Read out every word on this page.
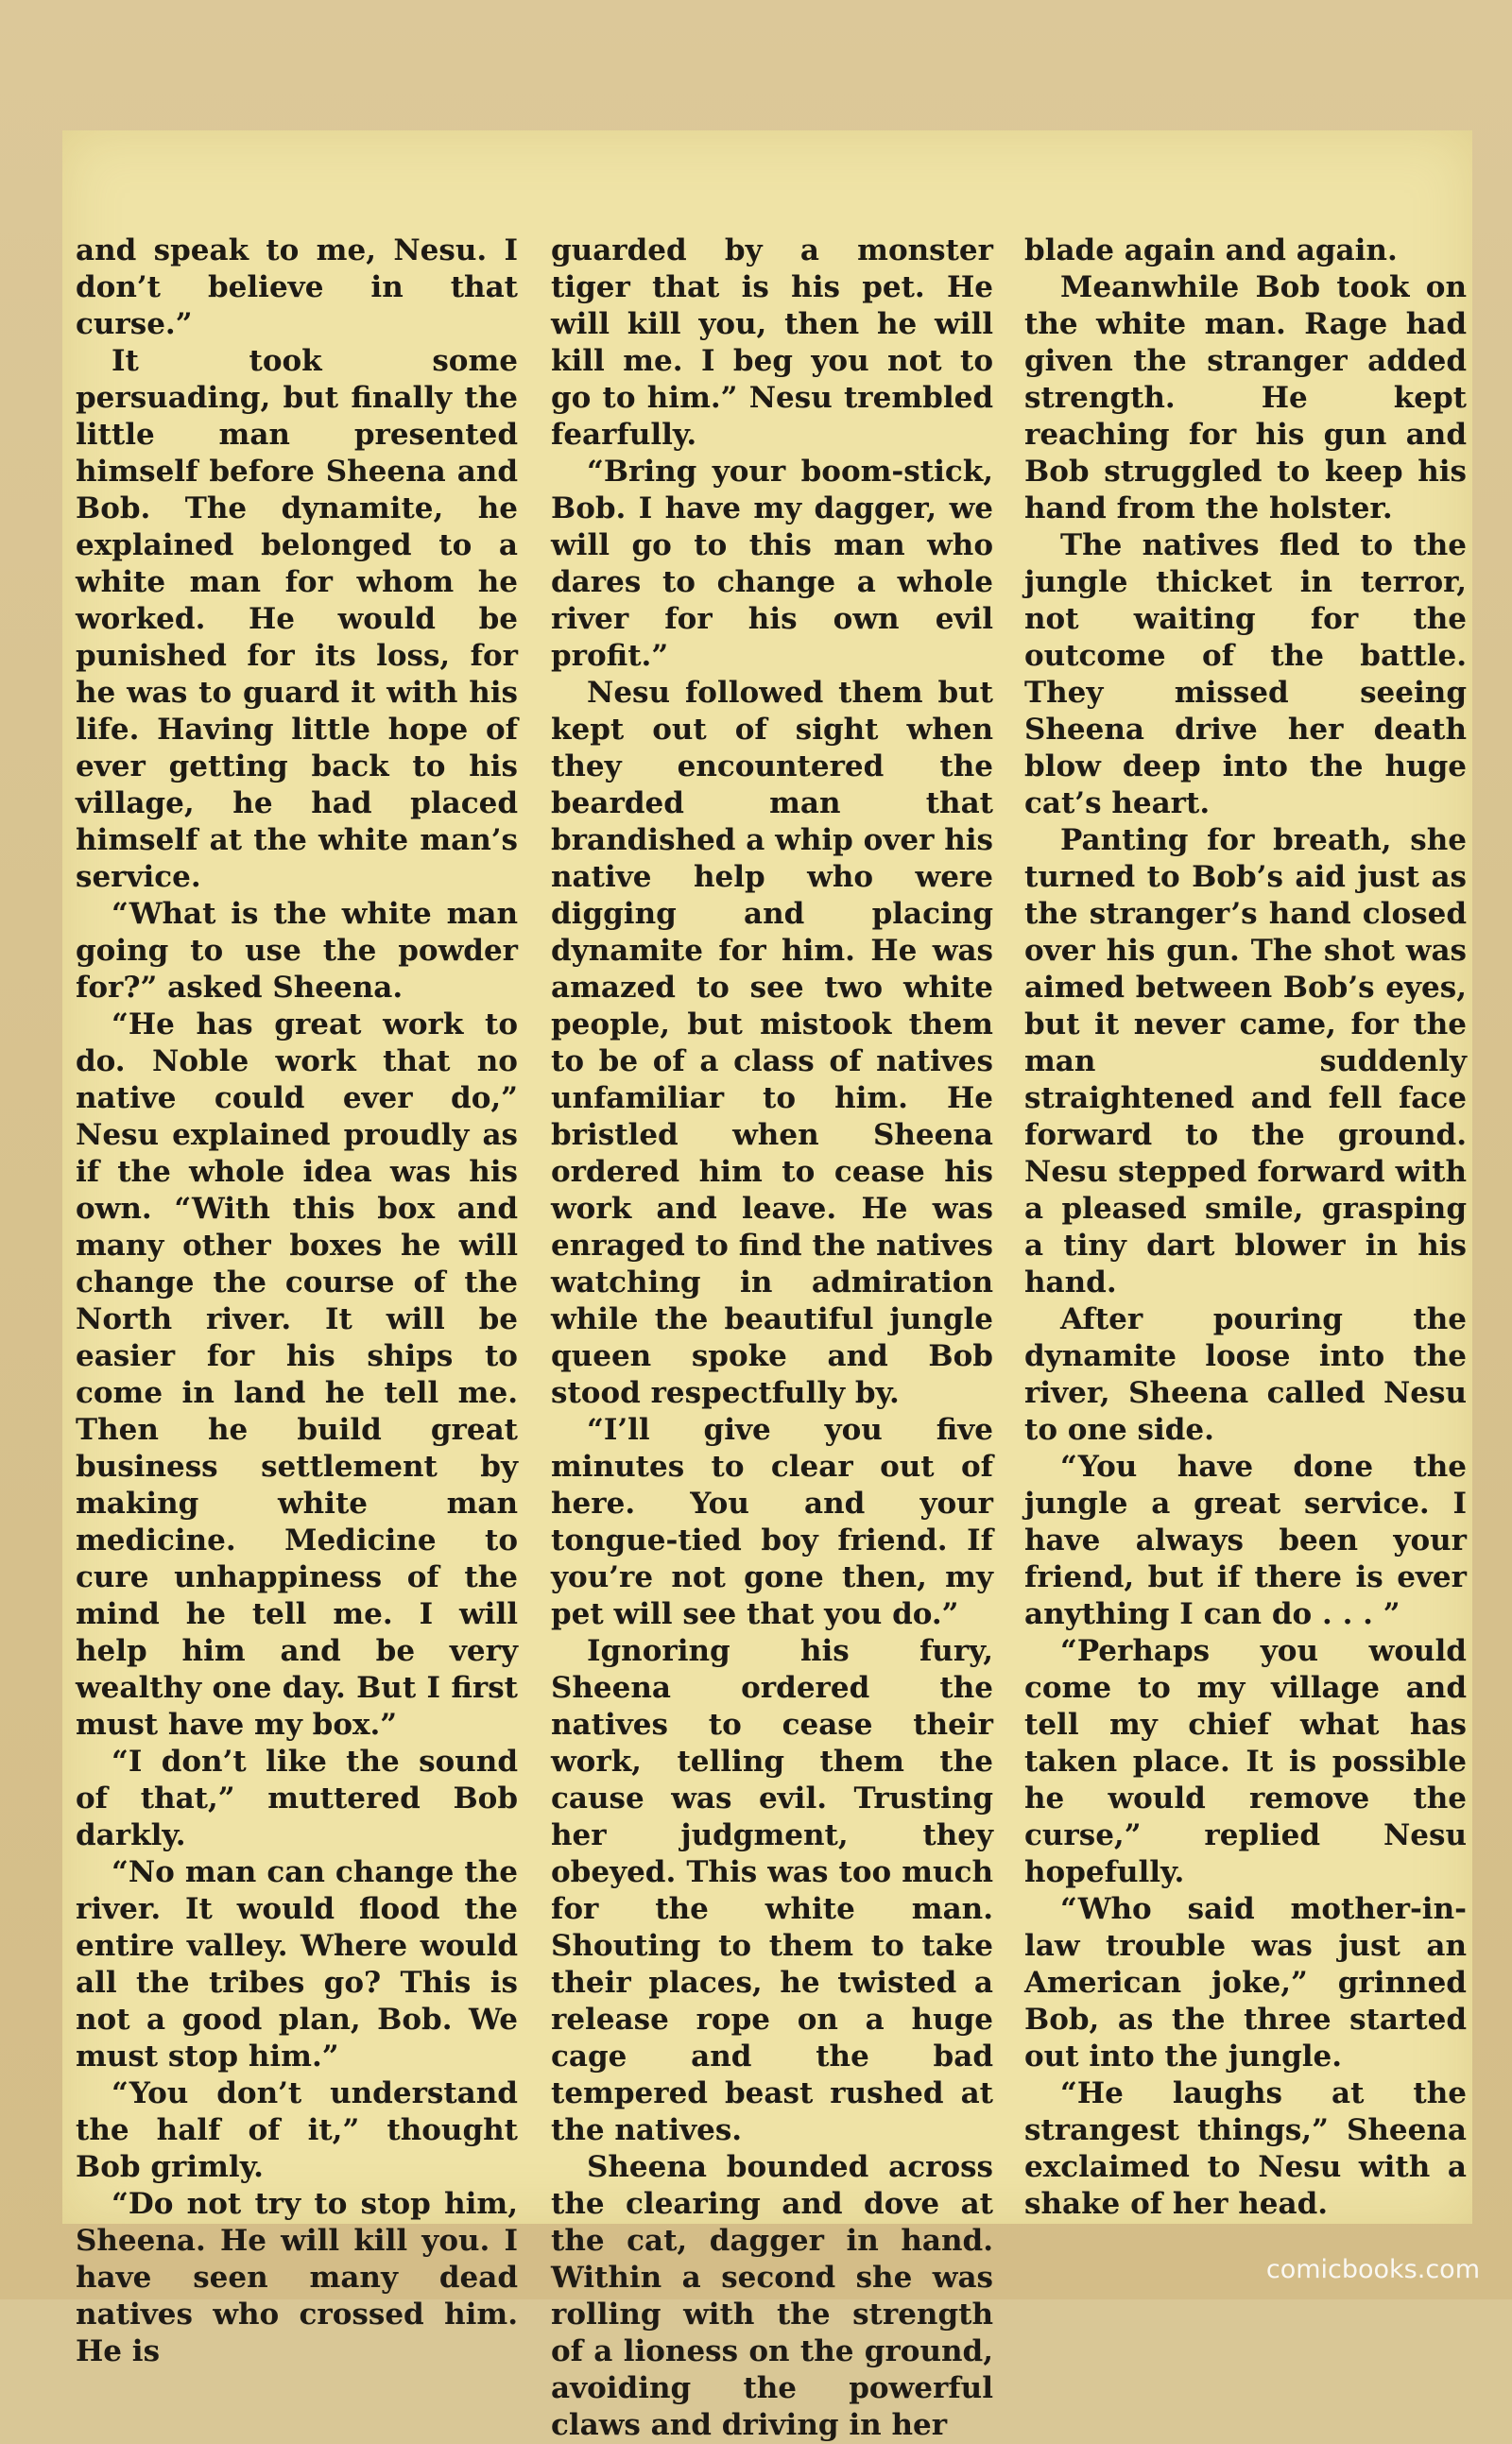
and speak to me, Nesu. I don’t believe in that curse.”

It took some persuading, but finally the little man presented himself before Sheena and Bob. The dynamite, he explained belonged to a white man for whom he worked. He would be punished for its loss, for he was to guard it with his life. Having little hope of ever getting back to his village, he had placed himself at the white man’s service.

“What is the white man going to use the powder for?” asked Sheena.

“He has great work to do. Noble work that no native could ever do,” Nesu explained proudly as if the whole idea was his own. “With this box and many other boxes he will change the course of the North river. It will be easier for his ships to come in land he tell me. Then he build great business settlement by making white man medicine. Medicine to cure unhappiness of the mind he tell me. I will help him and be very wealthy one day. But I first must have my box.”

“I don’t like the sound of that,” muttered Bob darkly.

“No man can change the river. It would flood the entire valley. Where would all the tribes go? This is not a good plan, Bob. We must stop him.”

“You don’t understand the half of it,” thought Bob grimly.

“Do not try to stop him, Sheena. He will kill you. I have seen many dead natives who crossed him. He is

guarded by a monster tiger that is his pet. He will kill you, then he will kill me. I beg you not to go to him.” Nesu trembled fearfully.

“Bring your boom-stick, Bob. I have my dagger, we will go to this man who dares to change a whole river for his own evil profit.”

Nesu followed them but kept out of sight when they encountered the bearded man that brandished a whip over his native help who were digging and placing dynamite for him. He was amazed to see two white people, but mistook them to be of a class of natives unfamiliar to him. He bristled when Sheena ordered him to cease his work and leave. He was enraged to find the natives watching in admiration while the beautiful jungle queen spoke and Bob stood respectfully by.

“I’ll give you five minutes to clear out of here. You and your tongue-tied boy friend. If you’re not gone then, my pet will see that you do.”

Ignoring his fury, Sheena ordered the natives to cease their work, telling them the cause was evil. Trusting her judgment, they obeyed. This was too much for the white man. Shouting to them to take their places, he twisted a release rope on a huge cage and the bad tempered beast rushed at the natives.

Sheena bounded across the clearing and dove at the cat, dagger in hand. Within a second she was rolling with the strength of a lioness on the ground, avoiding the powerful claws and driving in her

blade again and again.

Meanwhile Bob took on the white man. Rage had given the stranger added strength. He kept reaching for his gun and Bob struggled to keep his hand from the holster.

The natives fled to the jungle thicket in terror, not waiting for the outcome of the battle. They missed seeing Sheena drive her death blow deep into the huge cat’s heart.

Panting for breath, she turned to Bob’s aid just as the stranger’s hand closed over his gun. The shot was aimed between Bob’s eyes, but it never came, for the man suddenly straightened and fell face forward to the ground. Nesu stepped forward with a pleased smile, grasping a tiny dart blower in his hand.

After pouring the dynamite loose into the river, Sheena called Nesu to one side.

“You have done the jungle a great service. I have always been your friend, but if there is ever anything I can do . . . ”

“Perhaps you would come to my village and tell my chief what has taken place. It is possible he would remove the curse,” replied Nesu hopefully.

“Who said mother-in-law trouble was just an American joke,” grinned Bob, as the three started out into the jungle.

“He laughs at the strangest things,” Sheena exclaimed to Nesu with a shake of her head.

comicbooks.com
